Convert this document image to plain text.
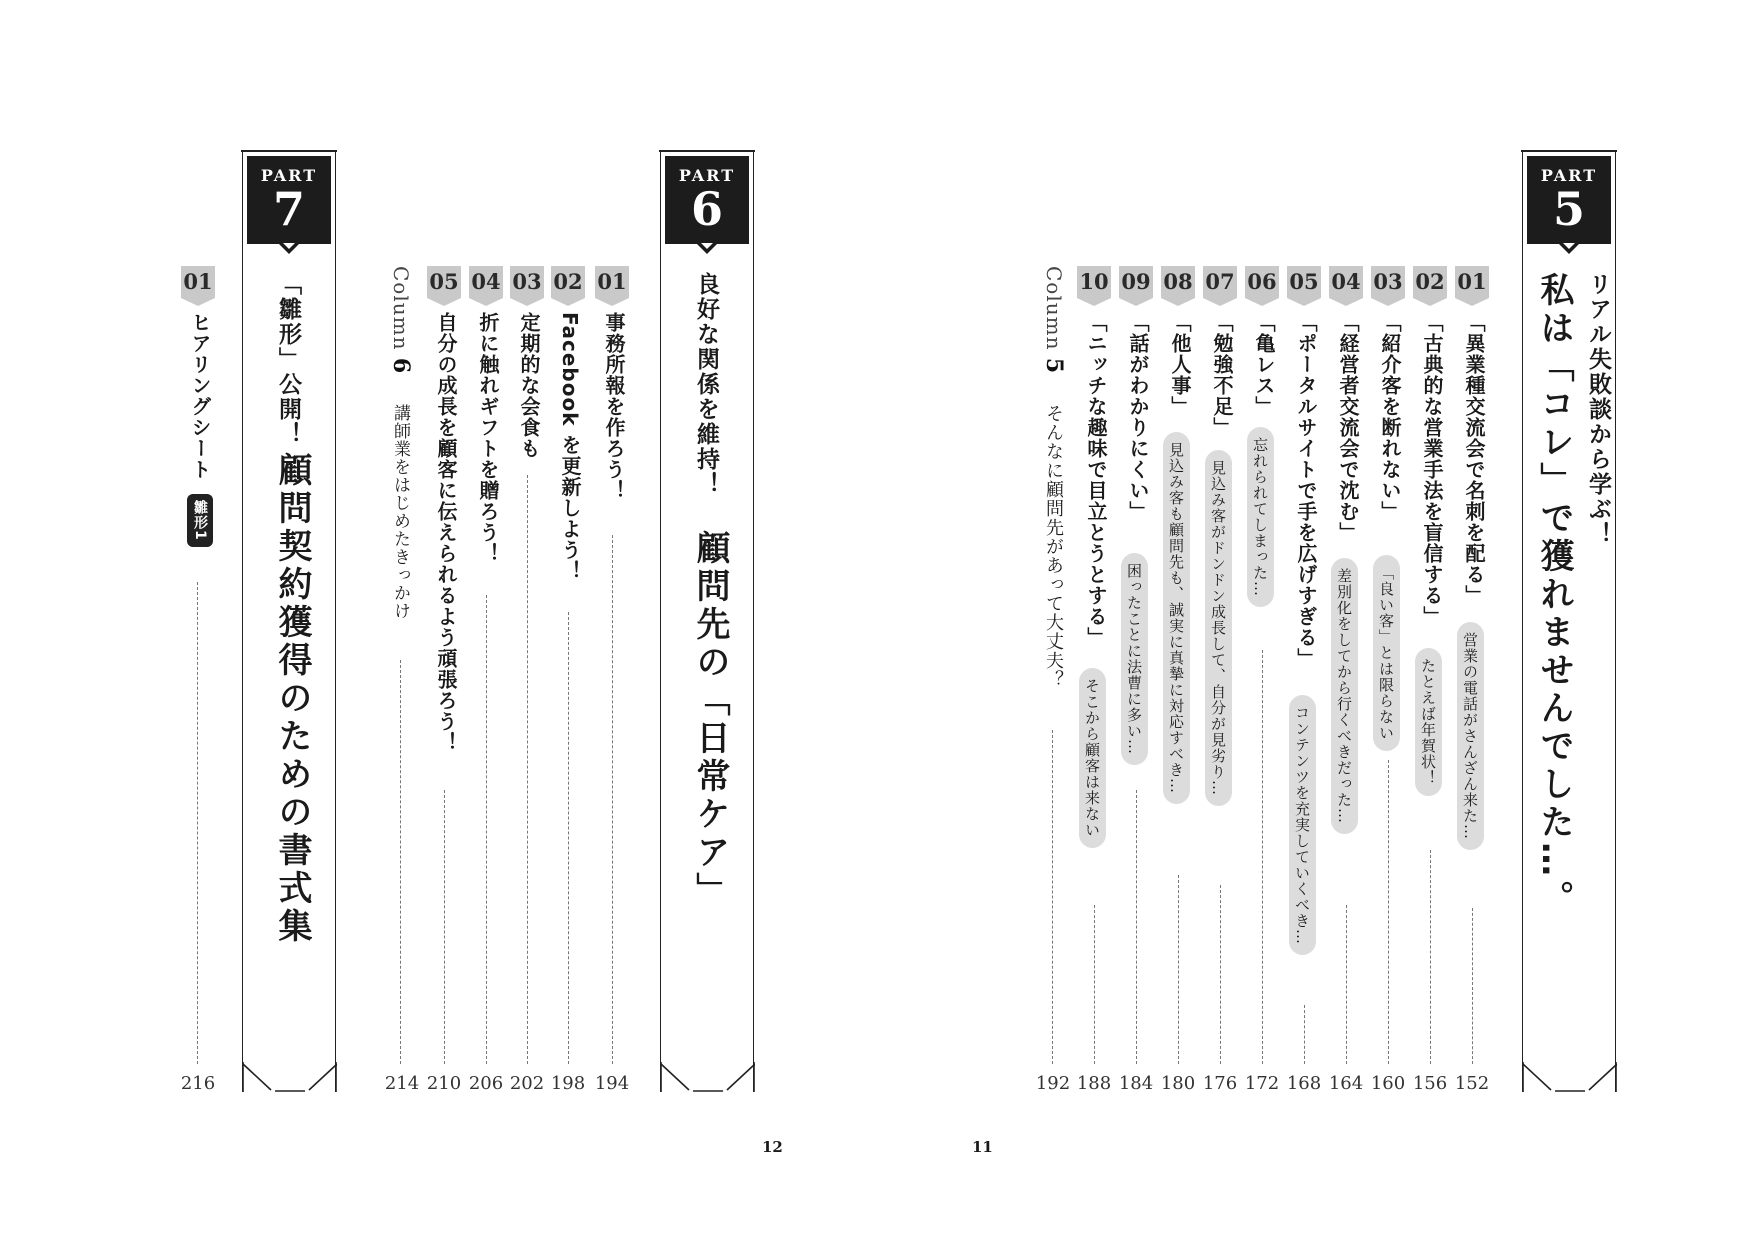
PART
7
「雛形」公開！
顧問契約獲得のための書式集
01
ヒアリングシート 雛形1
216
PART
6
良好な関係を維持！
顧問先の「日常ケア」
01
事務所報を作ろう！
194
02
Facebook を更新しよう！
198
03
定期的な会食も
202
04
折に触れギフトを贈ろう！
206
05
自分の成長を顧客に伝えられるよう頑張ろう！
210
Column 6
講師業をはじめたきっかけ
214
PART
5
リアル失敗談から学ぶ！
私は「コレ」で獲れませんでした…。
01
「異業種交流会で名刺を配る」
営業の電話がさんざん来た…
152
02
「古典的な営業手法を盲信する」
たとえば年賀状！
156
03
「紹介客を断れない」
「良い客」とは限らない
160
04
「経営者交流会で沈む」
差別化をしてから行くべきだった…
164
05
「ポータルサイトで手を広げすぎる」
コンテンツを充実していくべき…
168
06
「亀レス」
忘れられてしまった…
172
07
「勉強不足」
見込み客がドンドン成長して、自分が見劣り…
176
08
「他人事」
見込み客も顧問先も、誠実に真摯に対応すべき…
180
09
「話がわかりにくい」
困ったことに法曹に多い…
184
10
「ニッチな趣味で目立とうとする」
そこから顧客は来ない
188
Column 5
そんなに顧問先があって大丈夫？
192
12	11
